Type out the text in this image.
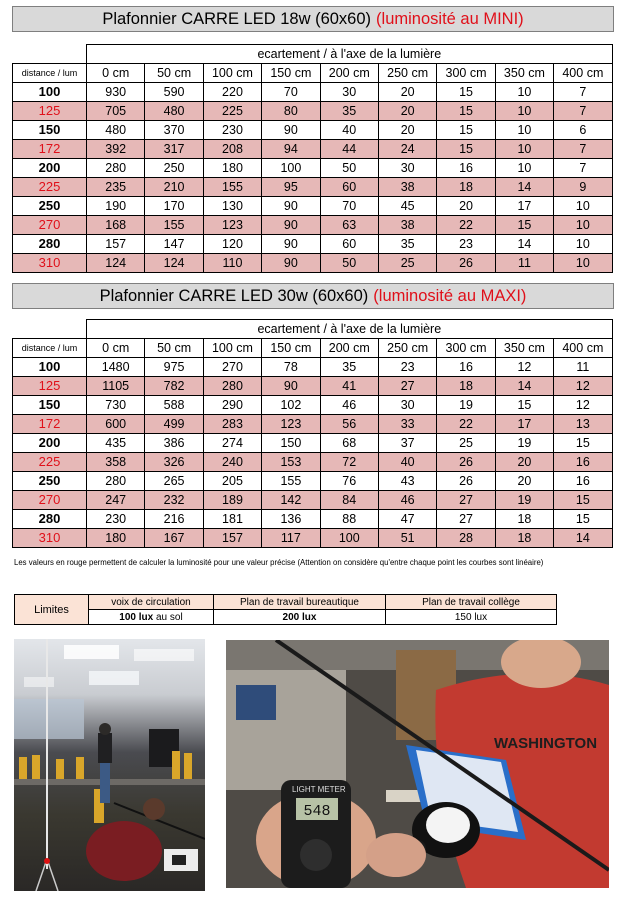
Plafonnier CARRE LED 18w (60x60) (luminosité au MINI)
	ecartement / à l'axe de la lumière								
distance / lum	0 cm	50 cm	100 cm	150 cm	200 cm	250 cm	300 cm	350 cm	400 cm
100	930	590	220	70	30	20	15	10	7
125	705	480	225	80	35	20	15	10	7
150	480	370	230	90	40	20	15	10	6
172	392	317	208	94	44	24	15	10	7
200	280	250	180	100	50	30	16	10	7
225	235	210	155	95	60	38	18	14	9
250	190	170	130	90	70	45	20	17	10
270	168	155	123	90	63	38	22	15	10
280	157	147	120	90	60	35	23	14	10
310	124	124	110	90	50	25	26	11	10
Plafonnier CARRE LED 30w (60x60) (luminosité au MAXI)
	ecartement / à l'axe de la lumière								
distance / lum	0 cm	50 cm	100 cm	150 cm	200 cm	250 cm	300 cm	350 cm	400 cm
100	1480	975	270	78	35	23	16	12	11
125	1105	782	280	90	41	27	18	14	12
150	730	588	290	102	46	30	19	15	12
172	600	499	283	123	56	33	22	17	13
200	435	386	274	150	68	37	25	19	15
225	358	326	240	153	72	40	26	20	16
250	280	265	205	155	76	43	26	20	16
270	247	232	189	142	84	46	27	19	15
280	230	216	181	136	88	47	27	18	15
310	180	167	157	117	100	51	28	18	14
Les valeurs en rouge permettent de calculer la luminosité pour une valeur précise (Attention on considère qu'entre chaque point les courbes sont linéaire)
Limites	voix de circulation	Plan de travail bureautique	Plan de travail collège
	100 lux au sol	200 lux	150 lux
WASHINGTON
LIGHT METER
548
